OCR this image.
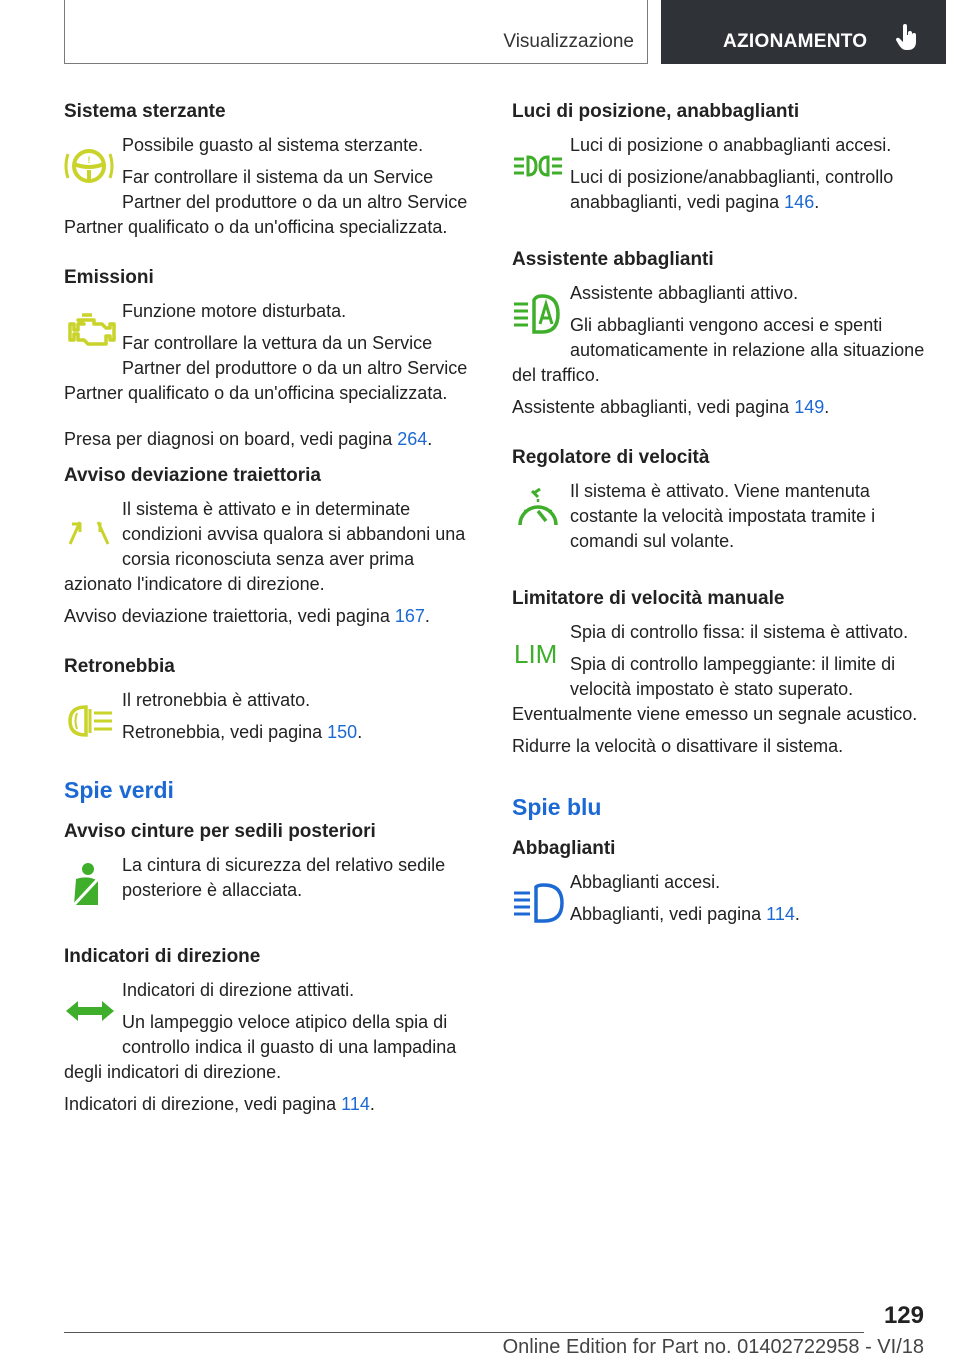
Visualizzazione	AZIONAMENTO
Sistema sterzante
!

Possibile guasto al sistema sterzante.

Far controllare il sistema da un Service Partner del produttore o da un altro Service Partner qualificato o da un'officina specializzata.

Emissioni

Funzione motore disturbata.

Far controllare la vettura da un Service Partner del produttore o da un altro Service Partner qualificato o da un'officina specializzata.

Presa per diagnosi on board, vedi pagina 264.

Avviso deviazione traiettoria

Il sistema è attivato e in determinate condizioni avvisa qualora si abbandoni una corsia riconosciuta senza aver prima azionato l'indicatore di direzione.

Avviso deviazione traiettoria, vedi pagina 167.

Retronebbia

Il retronebbia è attivato.

Retronebbia, vedi pagina 150.

Spie verdi
Avviso cinture per sedili posteriori

La cintura di sicurezza del relativo sedile posteriore è allacciata.

Indicatori di direzione

Indicatori di direzione attivati.

Un lampeggio veloce atipico della spia di controllo indica il guasto di una lampadina degli indicatori di direzione.

Indicatori di direzione, vedi pagina 114.

Luci di posizione, anabbaglianti

Luci di posizione o anabbaglianti accesi.

Luci di posizione/anabbaglianti, controllo anabbaglianti, vedi pagina 146.

Assistente abbaglianti

Assistente abbaglianti attivo.

Gli abbaglianti vengono accesi e spenti automaticamente in relazione alla situazione del traffico.

Assistente abbaglianti, vedi pagina 149.

Regolatore di velocità

Il sistema è attivato. Viene mantenuta costante la velocità impostata tramite i comandi sul volante.

Limitatore di velocità manuale
LIM

Spia di controllo fissa: il sistema è attivato.

Spia di controllo lampeggiante: il limite di velocità impostato è stato superato. Eventualmente viene emesso un segnale acustico.

Ridurre la velocità o disattivare il sistema.

Spie blu
Abbaglianti

Abbaglianti accesi.

Abbaglianti, vedi pagina 114.

129
Online Edition for Part no. 01402722958 - VI/18
